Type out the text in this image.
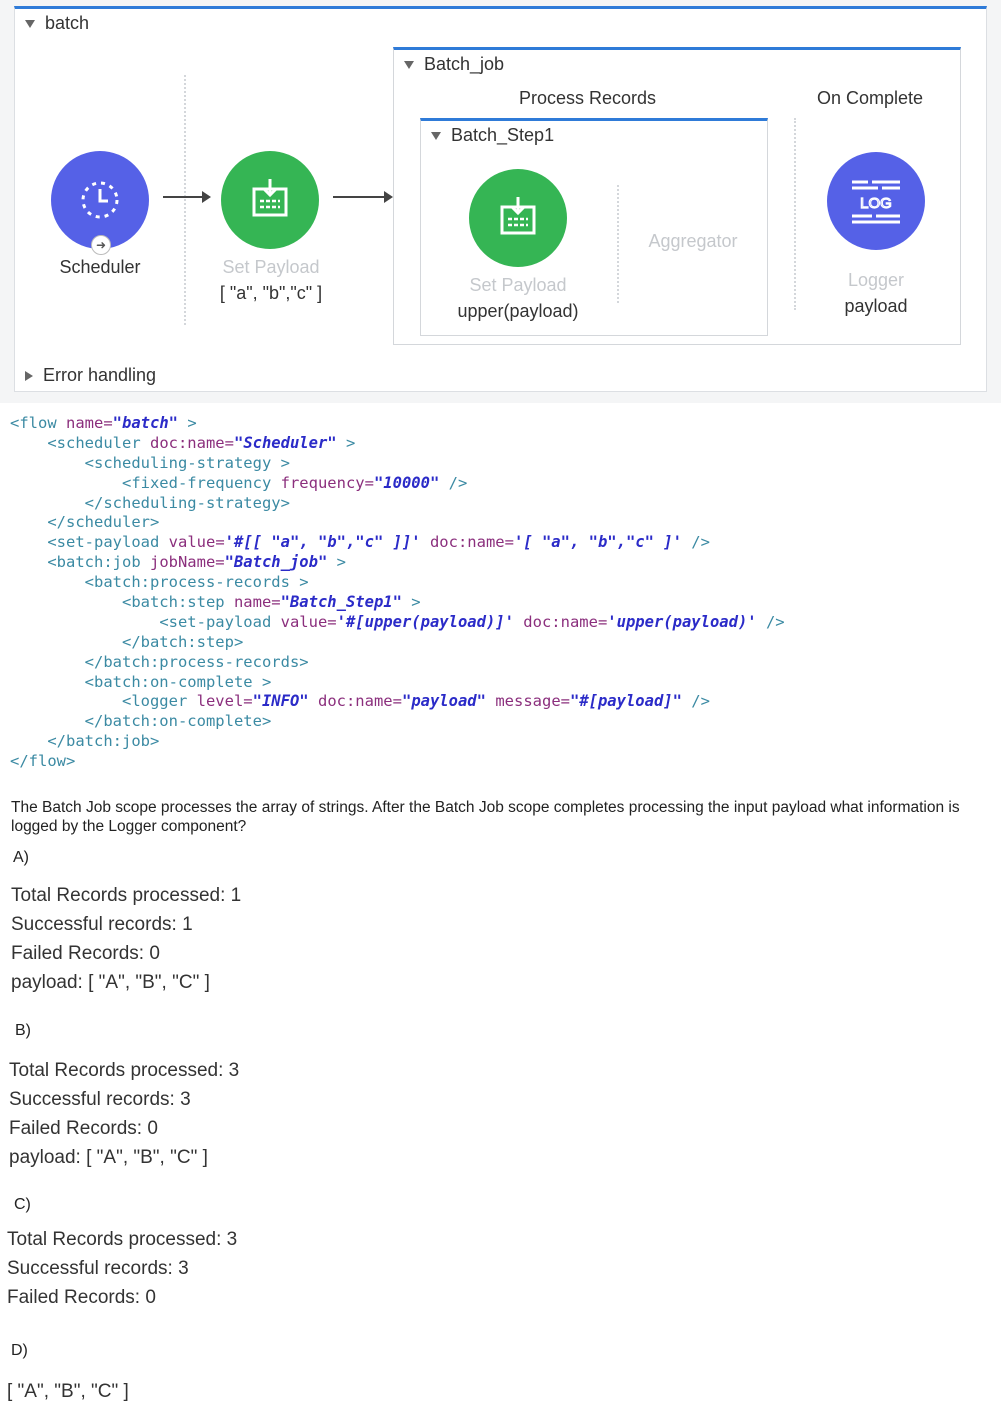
batch
➜
Scheduler	Set Payload
[ "a", "b","c" ]
Batch_job
Process Records	On Complete
Batch_Step1
Set Payload
upper(payload)
Aggregator
LOG
Logger
payload
Error handling
<flow name="batch" >
<scheduler doc:name="Scheduler" >
<scheduling-strategy >
<fixed-frequency frequency="10000" />
</scheduling-strategy>
</scheduler>
<set-payload value='#[[ "a", "b","c" ]]' doc:name='[ "a", "b","c" ]' />
<batch:job jobName="Batch_job" >
<batch:process-records >
<batch:step name="Batch_Step1" >
<set-payload value='#[upper(payload)]' doc:name='upper(payload)' />
</batch:step>
</batch:process-records>
<batch:on-complete >
<logger level="INFO" doc:name="payload" message="#[payload]" />
</batch:on-complete>
</batch:job>
</flow>
The Batch Job scope processes the array of strings. After the Batch Job scope completes processing the input payload what information is logged by the Logger component?
A)
Total Records processed: 1
Successful records: 1
Failed Records: 0
payload: [ "A", "B", "C" ]
B)
Total Records processed: 3
Successful records: 3
Failed Records: 0
payload: [ "A", "B", "C" ]
C)
Total Records processed: 3
Successful records: 3
Failed Records: 0
D)
[ "A", "B", "C" ]
